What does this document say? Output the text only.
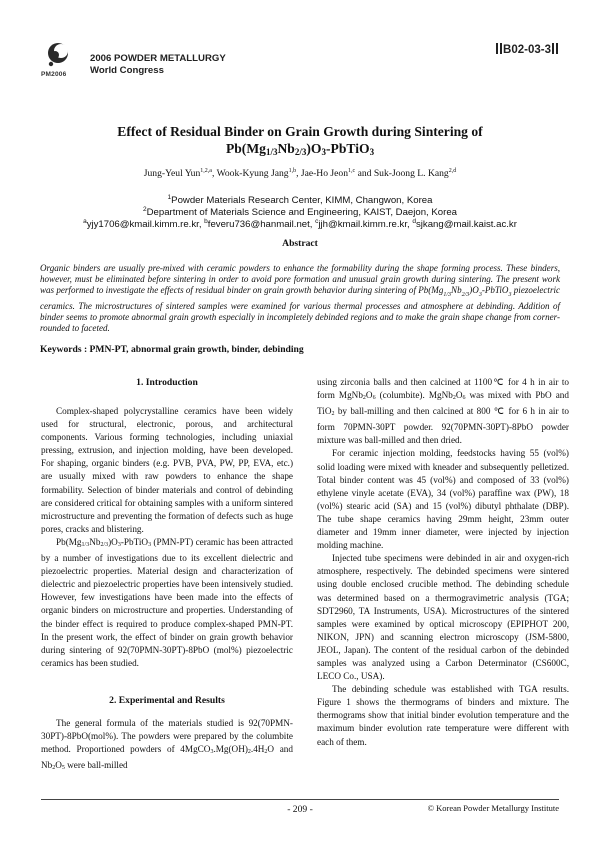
PM2006
2006 POWDER METALLURGY
World Congress
B02-03-3
Effect of Residual Binder on Grain Growth during Sintering of
$Pb(Mg_{1/3}Nb_{2/3})O_3-PbTiO_3$
Jung-Yeul Yun$^{1,2,a}$, Wook-Kyung Jang$^{1,b}$, Jae-Ho Jeon$^{1,c}$ and Suk-Joong L. Kang$^{2,d}$
$^1$Powder Materials Research Center, KIMM, Changwon, Korea
$^2$Department of Materials Science and Engineering, KAIST, Daejon, Korea
$^a$yjy1706@kmail.kimm.re.kr, $^b$feveru736@hanmail.net, $^c$jjh@kmail.kimm.re.kr, $^d$sjkang@mail.kaist.ac.kr
Abstract
Organic binders are usually pre-mixed with ceramic powders to enhance the formability during the shape forming process. These binders, however, must be eliminated before sintering in order to avoid pore formation and unusual grain growth during sintering. The present work was performed to investigate the effects of residual binder on grain growth behavior during sintering of $Pb(Mg_{1/3}Nb_{2/3})O_3-PbTiO_3$ piezoelectric ceramics. The microstructures of sintered samples were examined for various thermal processes and atmosphere at debinding. Addition of binder seems to promote abnormal grain growth especially in incompletely debinded regions and to make the grain shape change from corner-rounded to faceted.
Keywords : PMN-PT, abnormal grain growth, binder, debinding
1. Introduction

Complex-shaped polycrystalline ceramics have been widely used for structural, electronic, porous, and architectural components. Various forming technologies, including uniaxial pressing, extrusion, and injection molding, have been developed. For shaping, organic binders (e.g. PVB, PVA, PW, PP, EVA, etc.) are usually mixed with raw powders to enhance the shape formability. Selection of binder materials and control of debinding are considered critical for obtaining samples with a uniform sintered microstructure and preventing the formation of defects such as huge pores, cracks and blistering.

$Pb(Mg_{1/3}Nb_{2/3})O_3-PbTiO_3$ (PMN-PT) ceramic has been attracted by a number of investigations due to its excellent dielectric and piezoelectric properties. Material design and characterization of dielectric and piezoelectric properties have been intensively studied. However, few investigations have been made into the effects of organic binders on microstructure and properties. Understanding of the binder effect is required to produce complex-shaped PMN-PT. In the present work, the effect of binder on grain growth behavior during sintering of 92(70PMN-30PT)-8PbO (mol%) piezoelectric ceramics has been studied.

2. Experimental and Results

The general formula of the materials studied is 92(70PMN-30PT)-8PbO(mol%). The powders were prepared by the columbite method. Proportioned powders of $4MgCO_3.Mg(OH)_2.4H_2O$ and $Nb_2O_5$ were ball-milled

using zirconia balls and then calcined at 1100℃ for 4 h in air to form $MgNb_2O_6$ (columbite). $MgNb_2O_6$ was mixed with PbO and TiO$_2$ by ball-milling and then calcined at 800 ℃ for 6 h in air to form 70PMN-30PT powder. 92(70PMN-30PT)-8PbO powder mixture was ball-milled and then dried.

For ceramic injection molding, feedstocks having 55 (vol%) solid loading were mixed with kneader and subsequently pelletized. Total binder content was 45 (vol%) and composed of 33 (vol%) ethylene vinyle acetate (EVA), 34 (vol%) paraffine wax (PW), 18 (vol%) stearic acid (SA) and 15 (vol%) dibutyl phthalate (DBP). The tube shape ceramics having 29mm height, 23mm outer diameter and 19mm inner diameter, were injected by injection molding machine.

Injected tube specimens were debinded in air and oxygen-rich atmosphere, respectively. The debinded specimens were sintered using double enclosed crucible method. The debinding schedule was determined based on a thermogravimetric analysis (TGA; SDT2960, TA Instruments, USA). Microstructures of the sintered samples were examined by optical microscopy (EPIPHOT 200, NIKON, JPN) and scanning electron microscopy (JSM-5800, JEOL, Japan). The content of the residual carbon of the debinded samples was analyzed using a Carbon Determinator (CS600C, LECO Co., USA).

The debinding schedule was established with TGA results. Figure 1 shows the thermograms of binders and mixture. The thermograms show that initial binder evolution temperature and the maximum binder evolution rate temperature were different with each of them.

- 209 -	© Korean Powder Metallurgy Institute
